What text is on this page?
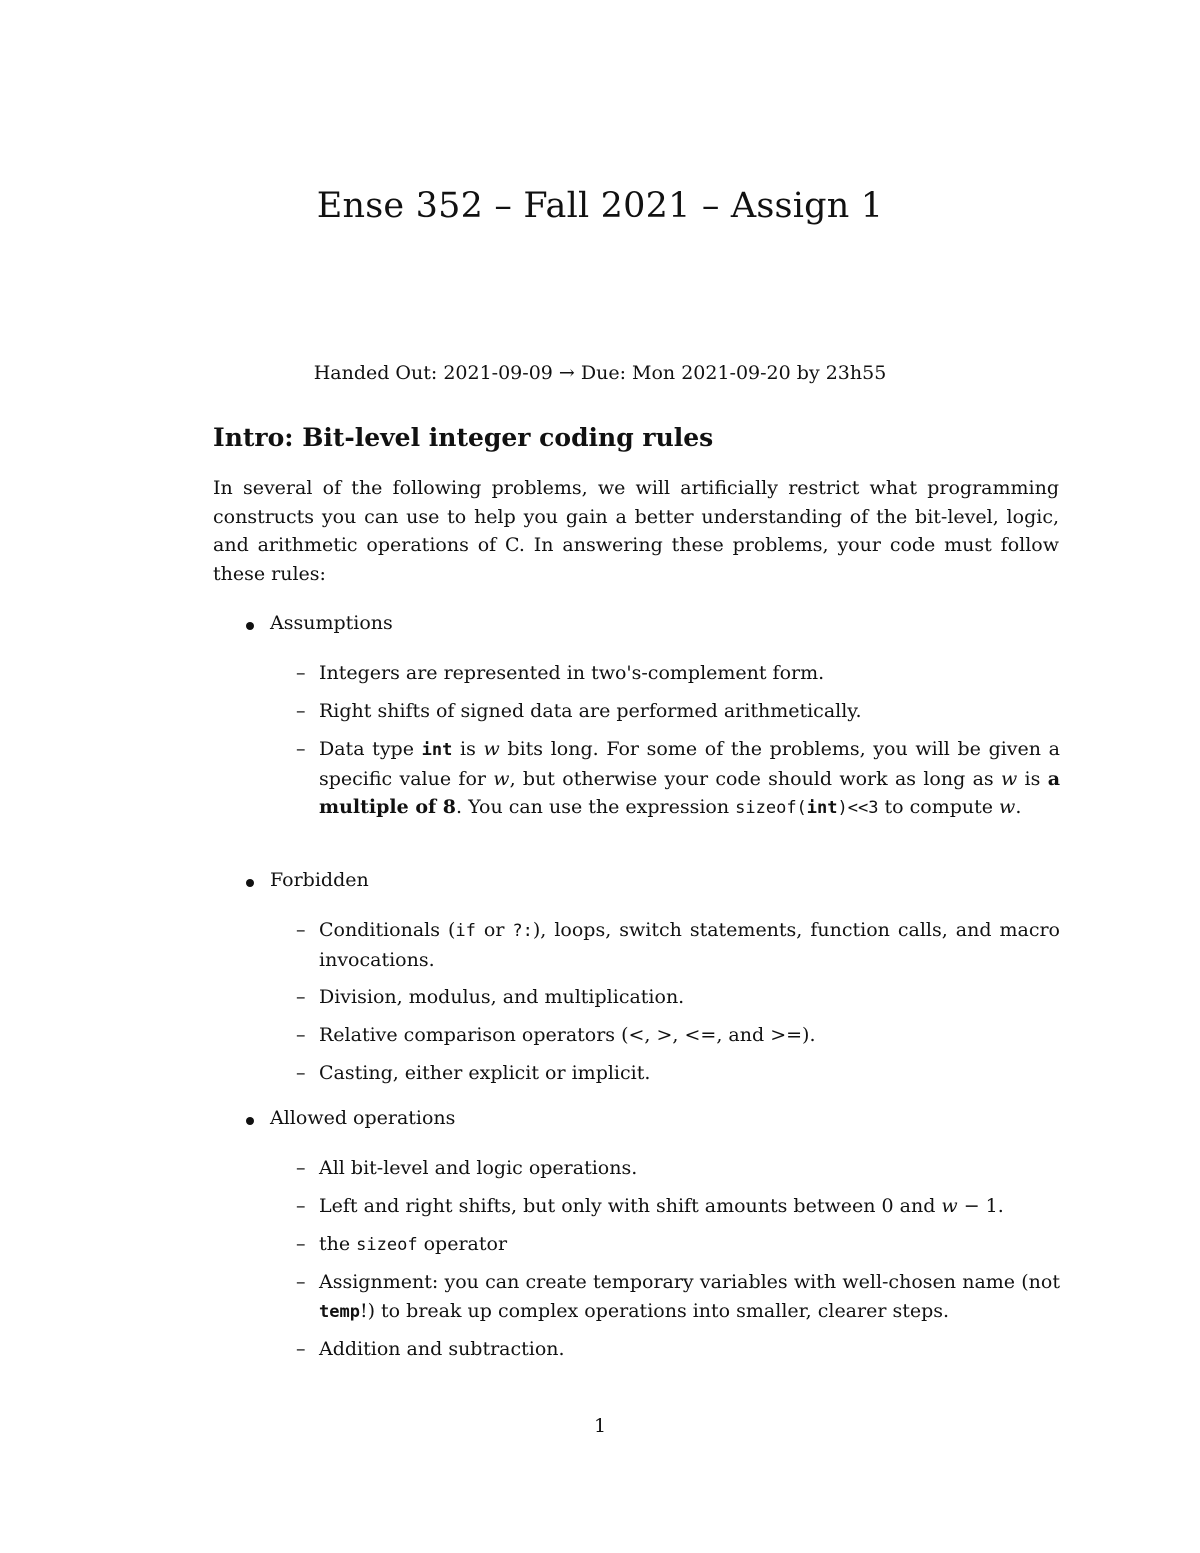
Ense 352 – Fall 2021 – Assign 1
Handed Out: 2021-09-09 → Due: Mon 2021-09-20 by 23h55
Intro: Bit-level integer coding rules

In several of the following problems, we will artificially restrict what programming constructs you can use to help you gain a better understanding of the bit-level, logic, and arithmetic operations of C. In answering these problems, your code must follow these rules:

Assumptions
– Integers are represented in two's-complement form.
– Right shifts of signed data are performed arithmetically.
– Data type int is w bits long. For some of the problems, you will be given a specific value for w, but otherwise your code should work as long as w is a multiple of 8. You can use the expression sizeof(int)<<3 to compute w.
Forbidden
– Conditionals (if or ?:), loops, switch statements, function calls, and macro invocations.
– Division, modulus, and multiplication.
– Relative comparison operators (<, >, <=, and >=).
– Casting, either explicit or implicit.
Allowed operations
– All bit-level and logic operations.
– Left and right shifts, but only with shift amounts between 0 and w − 1.
– the sizeof operator
– Assignment: you can create temporary variables with well-chosen name (not temp!) to break up complex operations into smaller, clearer steps.
– Addition and subtraction.
1
